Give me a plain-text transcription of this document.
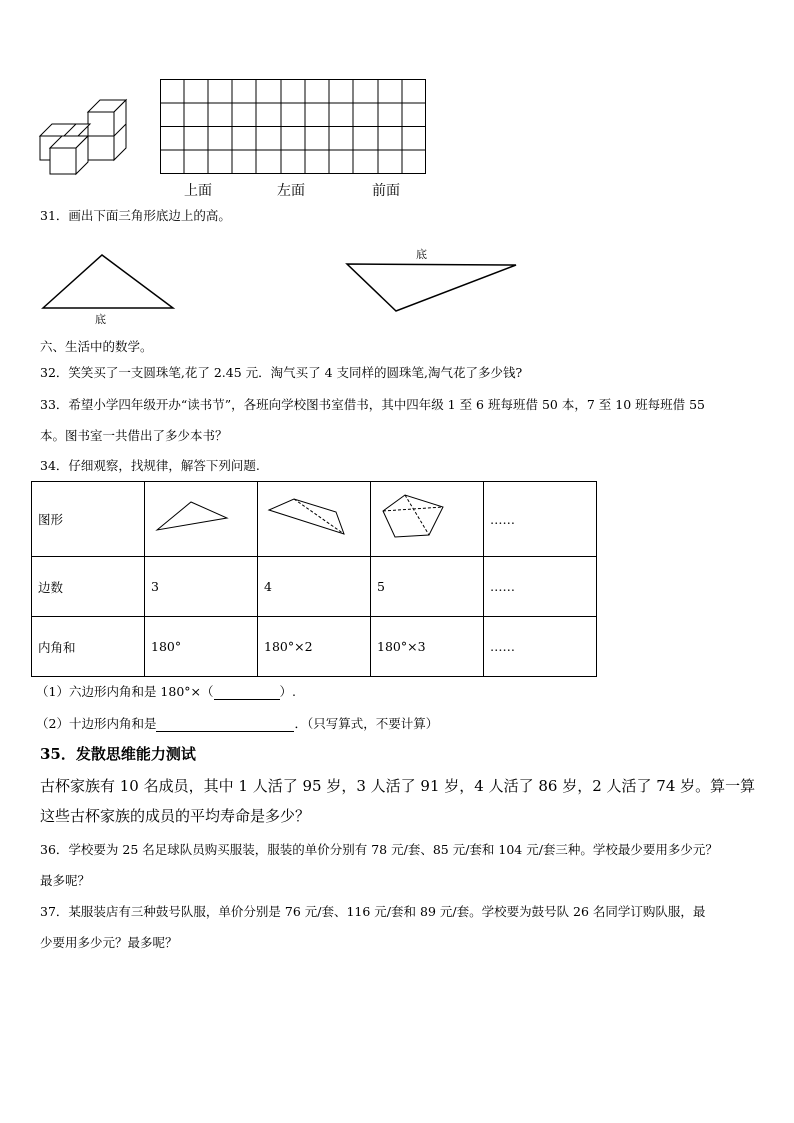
上面	左面	前面
31．画出下面三角形底边上的高。
底
底
六、生活中的数学。
32．笑笑买了一支圆珠笔,花了 2.45 元．淘气买了 4 支同样的圆珠笔,淘气花了多少钱?
33．希望小学四年级开办“读书节”，各班向学校图书室借书，其中四年级 1 至 6 班每班借 50 本，7 至 10 班每班借 55
本。图书室一共借出了多少本书？
34．仔细观察，找规律，解答下列问题.
图形				……
边数	3	4	5	……
内角和	180°	180°×2	180°×3	……
（1）六边形内角和是 180°×（	）.
（2）十边形内角和是	．（只写算式，不要计算）
35．发散思维能力测试
古杯家族有 10 名成员，其中 1 人活了 95 岁，3 人活了 91 岁，4 人活了 86 岁，2 人活了 74 岁。算一算
这些古杯家族的成员的平均寿命是多少？
36．学校要为 25 名足球队员购买服装，服装的单价分别有 78 元/套、85 元/套和 104 元/套三种。学校最少要用多少元？
最多呢？
37．某服装店有三种鼓号队服，单价分别是 76 元/套、116 元/套和 89 元/套。学校要为鼓号队 26 名同学订购队服，最
少要用多少元？最多呢？
